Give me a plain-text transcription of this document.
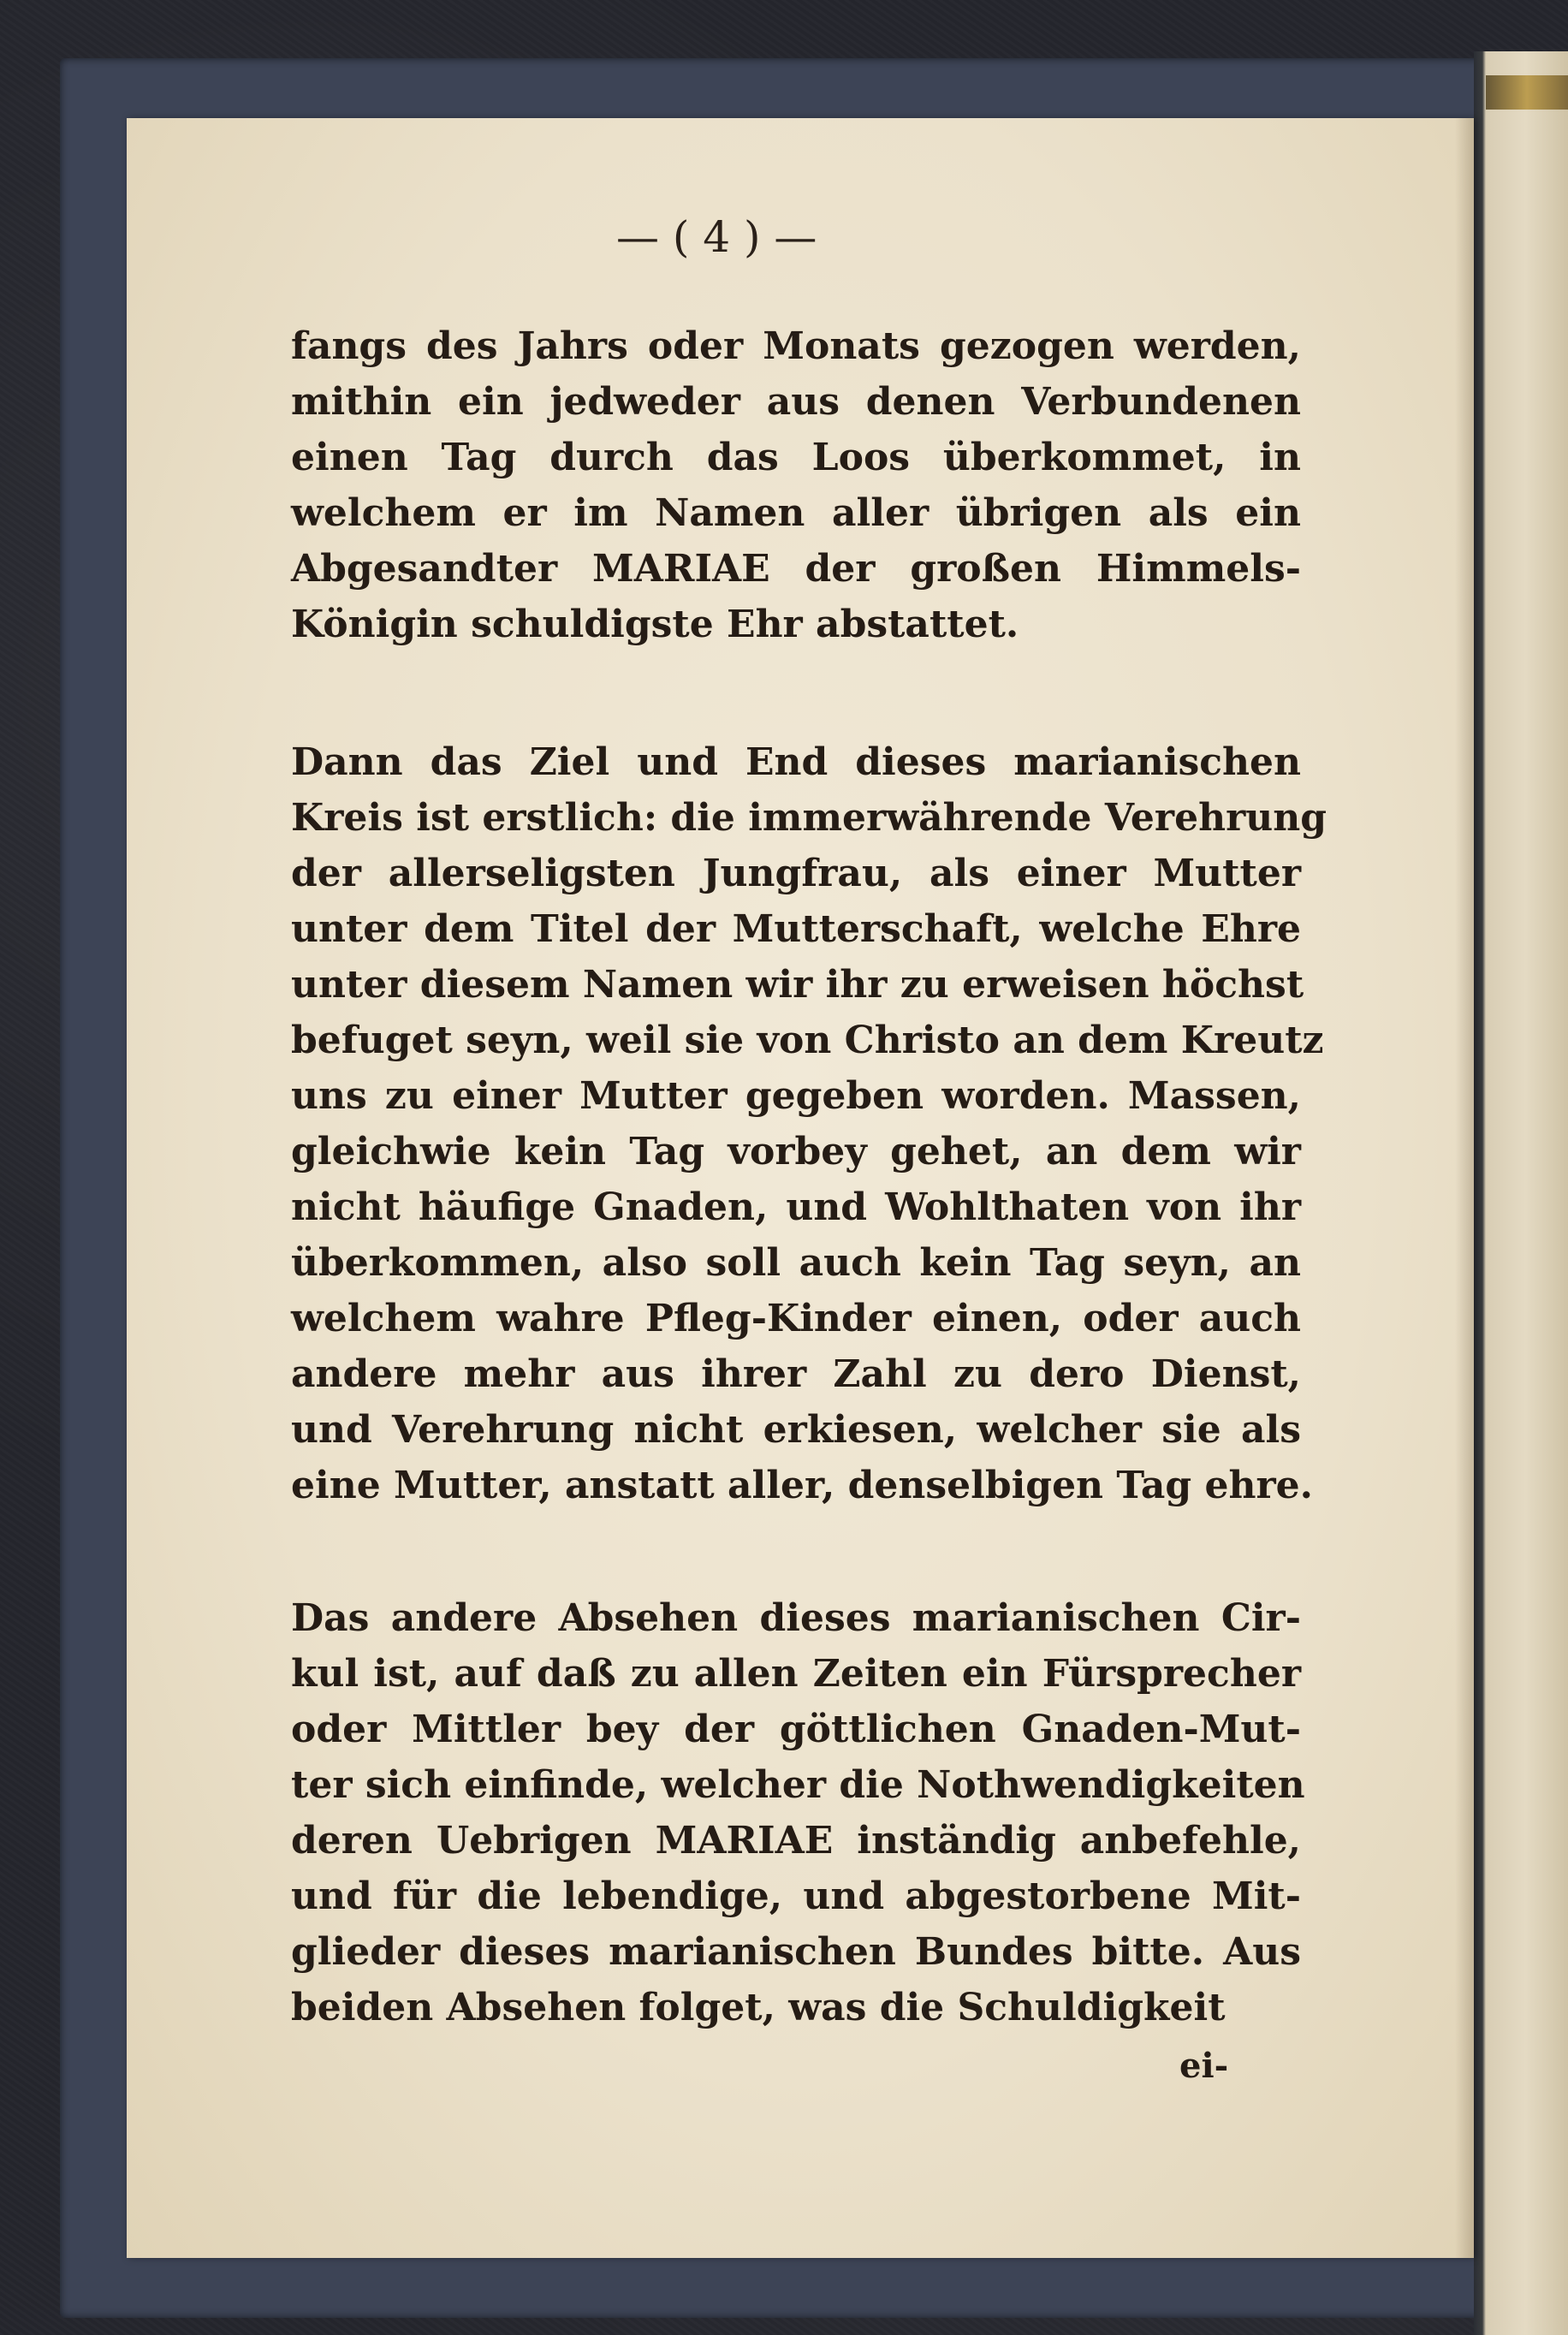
— ( 4 ) —
fangs des Jahrs oder Monats gezogen werden,
mithin ein jedweder aus denen Verbundenen
einen Tag durch das Loos überkommet, in
welchem er im Namen aller übrigen als ein
Abgesandter MARIAE der großen Himmels-
Königin schuldigste Ehr abstattet.
Dann das Ziel und End dieses marianischen
Kreis ist erstlich: die immerwährende Verehrung
der allerseligsten Jungfrau, als einer Mutter
unter dem Titel der Mutterschaft, welche Ehre
unter diesem Namen wir ihr zu erweisen höchst
befuget seyn, weil sie von Christo an dem Kreutz
uns zu einer Mutter gegeben worden. Massen,
gleichwie kein Tag vorbey gehet, an dem wir
nicht häufige Gnaden, und Wohlthaten von ihr
überkommen, also soll auch kein Tag seyn, an
welchem wahre Pfleg-Kinder einen, oder auch
andere mehr aus ihrer Zahl zu dero Dienst,
und Verehrung nicht erkiesen, welcher sie als
eine Mutter, anstatt aller, denselbigen Tag ehre.
Das andere Absehen dieses marianischen Cir-
kul ist, auf daß zu allen Zeiten ein Fürsprecher
oder Mittler bey der göttlichen Gnaden-Mut-
ter sich einfinde, welcher die Nothwendigkeiten
deren Uebrigen MARIAE inständig anbefehle,
und für die lebendige, und abgestorbene Mit-
glieder dieses marianischen Bundes bitte. Aus
beiden Absehen folget, was die Schuldigkeit
ei-
